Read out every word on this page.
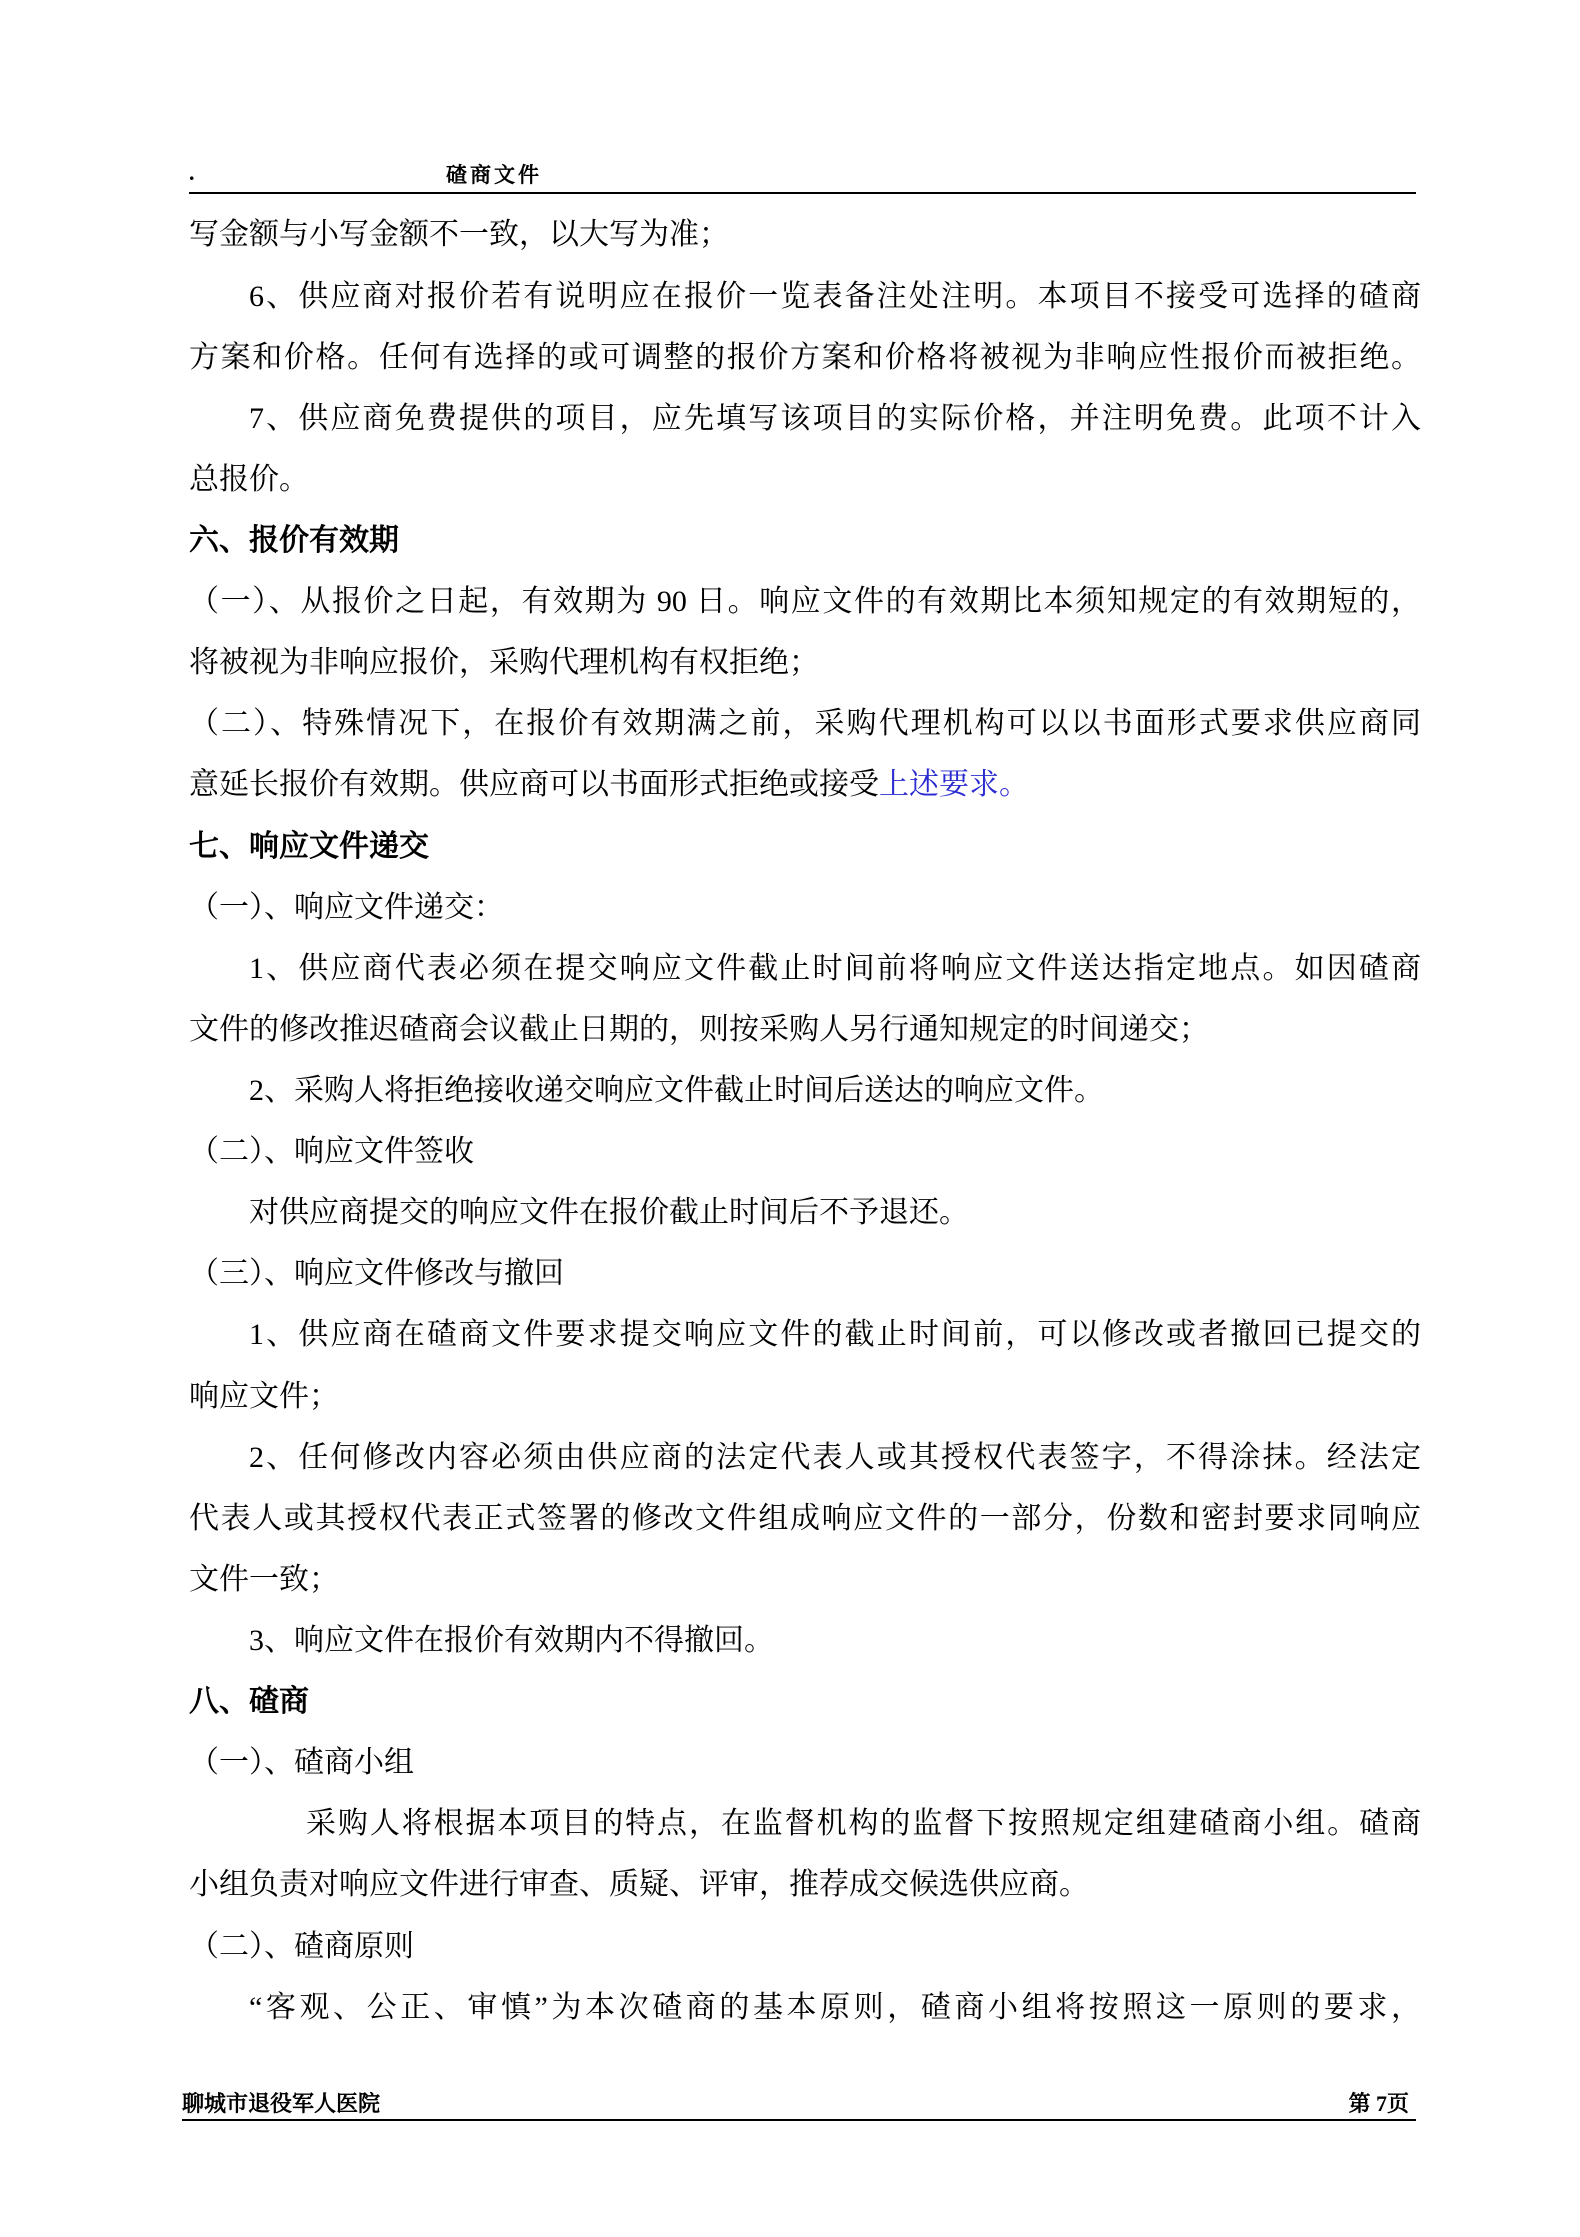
.	碴商文件
写金额与小写金额不一致，以大写为准；
6、供应商对报价若有说明应在报价一览表备注处注明。本项目不接受可选择的碴商
方案和价格。任何有选择的或可调整的报价方案和价格将被视为非响应性报价而被拒绝。
7、供应商免费提供的项目，应先填写该项目的实际价格，并注明免费。此项不计入
总报价。
六、报价有效期
（一）、从报价之日起，有效期为 90 日。响应文件的有效期比本须知规定的有效期短的，
将被视为非响应报价，采购代理机构有权拒绝；
（二）、特殊情况下，在报价有效期满之前，采购代理机构可以以书面形式要求供应商同
意延长报价有效期。供应商可以书面形式拒绝或接受上述要求。
七、响应文件递交
（一）、响应文件递交：
1、供应商代表必须在提交响应文件截止时间前将响应文件送达指定地点。如因碴商
文件的修改推迟碴商会议截止日期的，则按采购人另行通知规定的时间递交；
2、采购人将拒绝接收递交响应文件截止时间后送达的响应文件。
（二）、响应文件签收
对供应商提交的响应文件在报价截止时间后不予退还。
（三）、响应文件修改与撤回
1、供应商在碴商文件要求提交响应文件的截止时间前，可以修改或者撤回已提交的
响应文件；
2、任何修改内容必须由供应商的法定代表人或其授权代表签字，不得涂抹。经法定
代表人或其授权代表正式签署的修改文件组成响应文件的一部分，份数和密封要求同响应
文件一致；
3、响应文件在报价有效期内不得撤回。
八、碴商
（一）、碴商小组
采购人将根据本项目的特点，在监督机构的监督下按照规定组建碴商小组。碴商
小组负责对响应文件进行审查、质疑、评审，推荐成交候选供应商。
（二）、碴商原则
“客观、公正、审慎”为本次碴商的基本原则，碴商小组将按照这一原则的要求，
聊城市退役军人医院	第 7页
